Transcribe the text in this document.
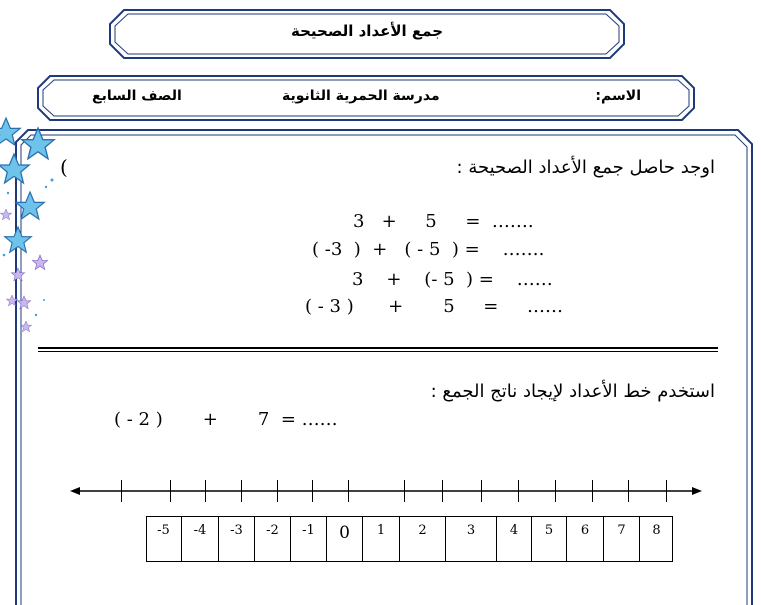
جمع الأعداد الصحيحة
الاسم:
مدرسة الحمرية الثانوية
الصف السابع
اوجد حاصل جمع الأعداد الصحيحة :
(
3   +     5     =  …….
( -3  )  +   ( - 5  ) =    …….
3    +    (- 5  ) =    ……
( - 3 )      +       5     =     ……
استخدم خط الأعداد لإيجاد ناتج الجمع :
( - 2 )       +       7  = ……
-5	-4	-3	-2	-1	0	1	2	3	4	5	6	7	8
